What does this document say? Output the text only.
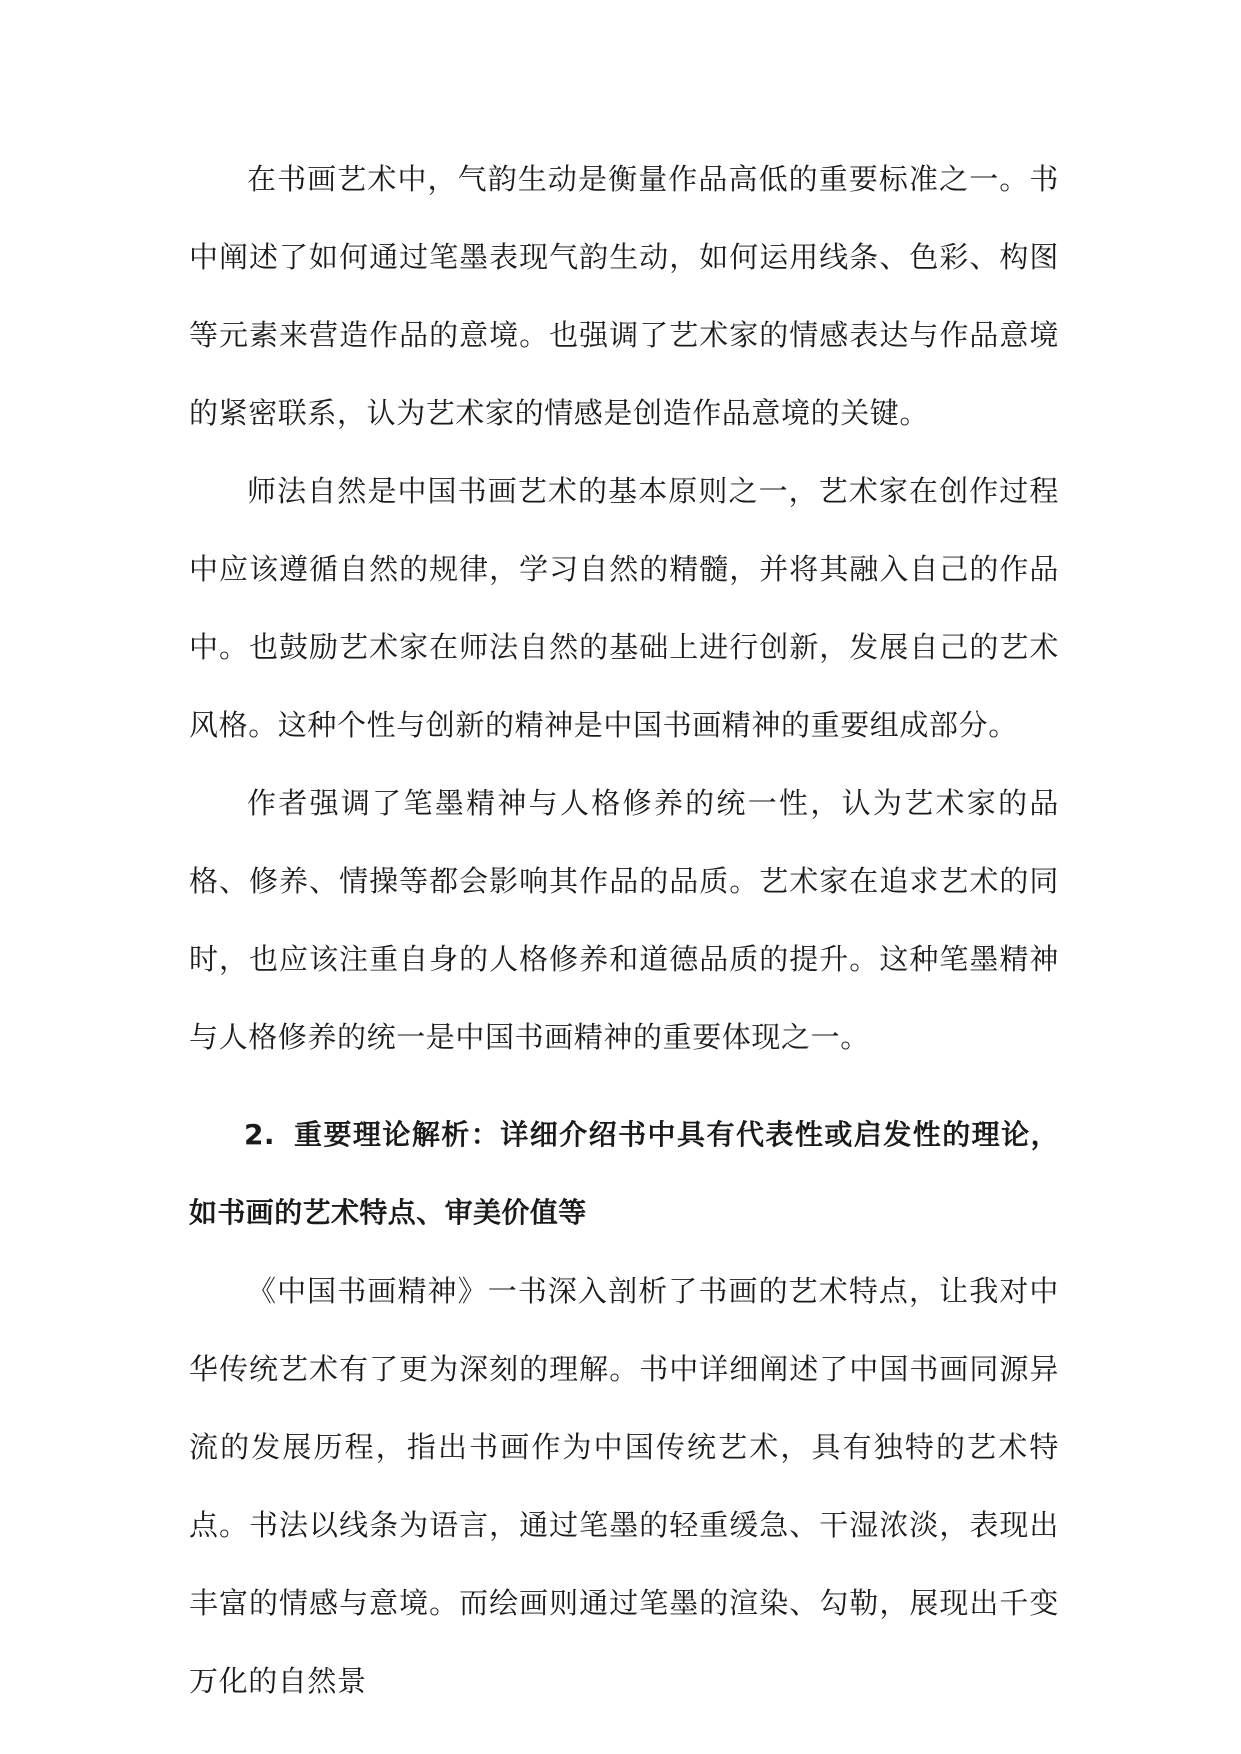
在书画艺术中，气韵生动是衡量作品高低的重要标准之一。书中阐述了如何通过笔墨表现气韵生动，如何运用线条、色彩、构图等元素来营造作品的意境。也强调了艺术家的情感表达与作品意境的紧密联系，认为艺术家的情感是创造作品意境的关键。

师法自然是中国书画艺术的基本原则之一，艺术家在创作过程中应该遵循自然的规律，学习自然的精髓，并将其融入自己的作品中。也鼓励艺术家在师法自然的基础上进行创新，发展自己的艺术风格。这种个性与创新的精神是中国书画精神的重要组成部分。

作者强调了笔墨精神与人格修养的统一性，认为艺术家的品格、修养、情操等都会影响其作品的品质。艺术家在追求艺术的同时，也应该注重自身的人格修养和道德品质的提升。这种笔墨精神与人格修养的统一是中国书画精神的重要体现之一。

2. 重要理论解析：详细介绍书中具有代表性或启发性的理论，如书画的艺术特点、审美价值等

《中国书画精神》一书深入剖析了书画的艺术特点，让我对中华传统艺术有了更为深刻的理解。书中详细阐述了中国书画同源异流的发展历程，指出书画作为中国传统艺术，具有独特的艺术特点。书法以线条为语言，通过笔墨的轻重缓急、干湿浓淡，表现出丰富的情感与意境。而绘画则通过笔墨的渲染、勾勒，展现出千变万化的自然景
